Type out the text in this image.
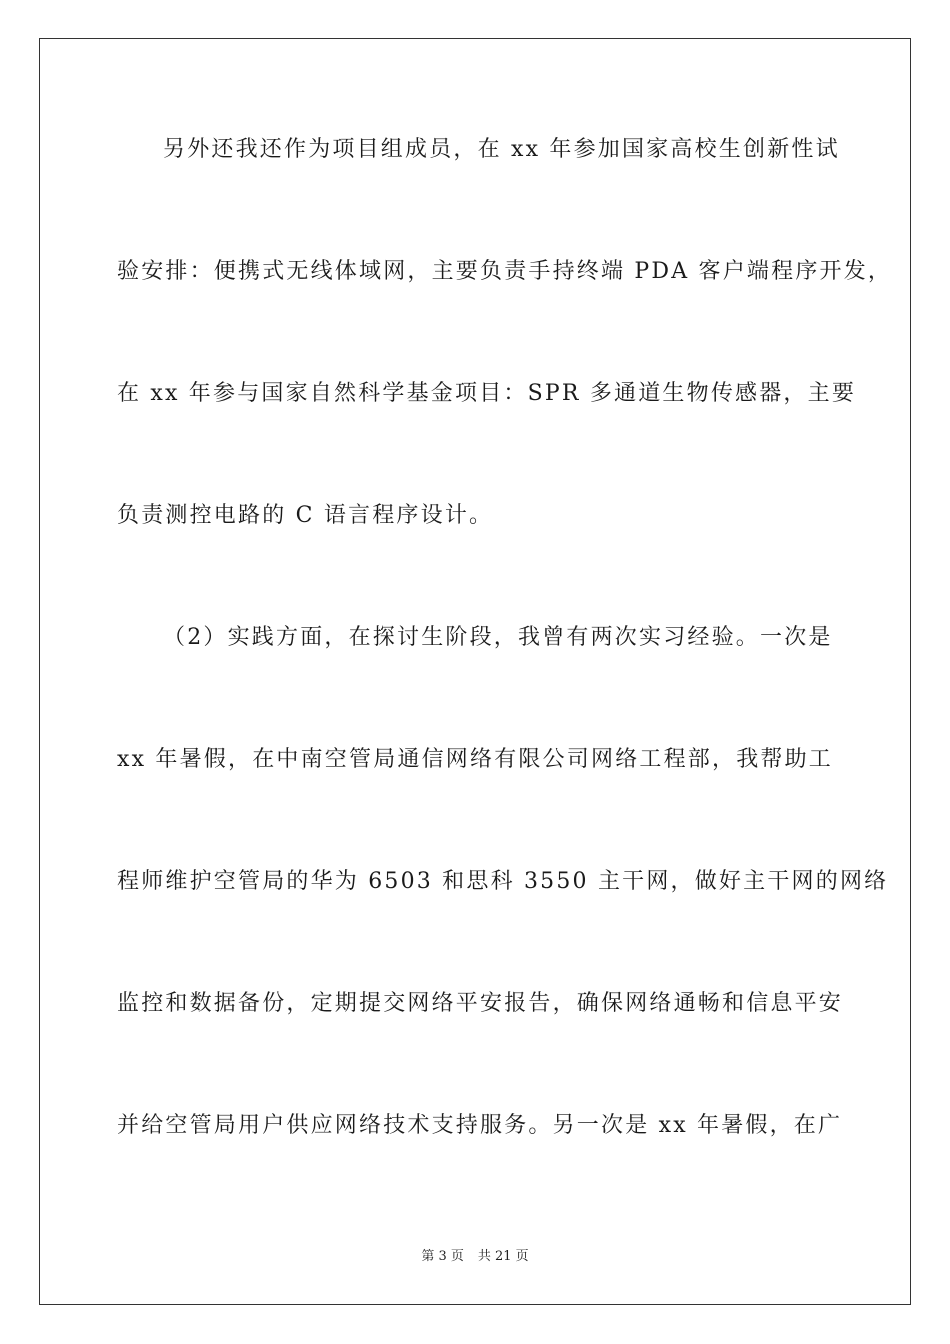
另外还我还作为项目组成员，在 xx 年参加国家高校生创新性试
验安排：便携式无线体域网，主要负责手持终端 PDA 客户端程序开发，
在 xx 年参与国家自然科学基金项目：SPR 多通道生物传感器，主要
负责测控电路的 C 语言程序设计。
（2）实践方面，在探讨生阶段，我曾有两次实习经验。一次是
xx 年暑假，在中南空管局通信网络有限公司网络工程部，我帮助工
程师维护空管局的华为 6503 和思科 3550 主干网，做好主干网的网络
监控和数据备份，定期提交网络平安报告，确保网络通畅和信息平安
并给空管局用户供应网络技术支持服务。另一次是 xx 年暑假，在广
第 3 页 共 21 页
